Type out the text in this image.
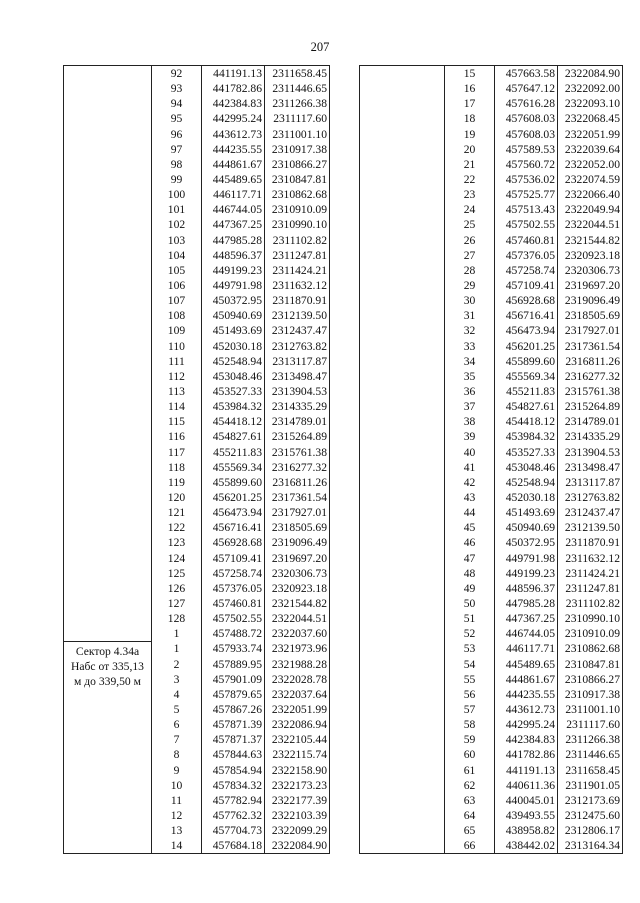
207
	92	441191.13	2311658.45
	93	441782.86	2311446.65
	94	442384.83	2311266.38
	95	442995.24	2311117.60
	96	443612.73	2311001.10
	97	444235.55	2310917.38
	98	444861.67	2310866.27
	99	445489.65	2310847.81
	100	446117.71	2310862.68
	101	446744.05	2310910.09
	102	447367.25	2310990.10
	103	447985.28	2311102.82
	104	448596.37	2311247.81
	105	449199.23	2311424.21
	106	449791.98	2311632.12
	107	450372.95	2311870.91
	108	450940.69	2312139.50
	109	451493.69	2312437.47
	110	452030.18	2312763.82
	111	452548.94	2313117.87
	112	453048.46	2313498.47
	113	453527.33	2313904.53
	114	453984.32	2314335.29
	115	454418.12	2314789.01
	116	454827.61	2315264.89
	117	455211.83	2315761.38
	118	455569.34	2316277.32
	119	455899.60	2316811.26
	120	456201.25	2317361.54
	121	456473.94	2317927.01
	122	456716.41	2318505.69
	123	456928.68	2319096.49
	124	457109.41	2319697.20
	125	457258.74	2320306.73
	126	457376.05	2320923.18
	127	457460.81	2321544.82
	128	457502.55	2322044.51
	1	457488.72	2322037.60
Сектор 4.34а Набс от 335,13 м до 339,50 м	1	457933.74	2321973.96
	2	457889.95	2321988.28
	3	457901.09	2322028.78
	4	457879.65	2322037.64
	5	457867.26	2322051.99
	6	457871.39	2322086.94
	7	457871.37	2322105.44
	8	457844.63	2322115.74
	9	457854.94	2322158.90
	10	457834.32	2322173.23
	11	457782.94	2322177.39
	12	457762.32	2322103.39
	13	457704.73	2322099.29
	14	457684.18	2322084.90
	15	457663.58	2322084.90
	16	457647.12	2322092.00
	17	457616.28	2322093.10
	18	457608.03	2322068.45
	19	457608.03	2322051.99
	20	457589.53	2322039.64
	21	457560.72	2322052.00
	22	457536.02	2322074.59
	23	457525.77	2322066.40
	24	457513.43	2322049.94
	25	457502.55	2322044.51
	26	457460.81	2321544.82
	27	457376.05	2320923.18
	28	457258.74	2320306.73
	29	457109.41	2319697.20
	30	456928.68	2319096.49
	31	456716.41	2318505.69
	32	456473.94	2317927.01
	33	456201.25	2317361.54
	34	455899.60	2316811.26
	35	455569.34	2316277.32
	36	455211.83	2315761.38
	37	454827.61	2315264.89
	38	454418.12	2314789.01
	39	453984.32	2314335.29
	40	453527.33	2313904.53
	41	453048.46	2313498.47
	42	452548.94	2313117.87
	43	452030.18	2312763.82
	44	451493.69	2312437.47
	45	450940.69	2312139.50
	46	450372.95	2311870.91
	47	449791.98	2311632.12
	48	449199.23	2311424.21
	49	448596.37	2311247.81
	50	447985.28	2311102.82
	51	447367.25	2310990.10
	52	446744.05	2310910.09
	53	446117.71	2310862.68
	54	445489.65	2310847.81
	55	444861.67	2310866.27
	56	444235.55	2310917.38
	57	443612.73	2311001.10
	58	442995.24	2311117.60
	59	442384.83	2311266.38
	60	441782.86	2311446.65
	61	441191.13	2311658.45
	62	440611.36	2311901.05
	63	440045.01	2312173.69
	64	439493.55	2312475.60
	65	438958.82	2312806.17
	66	438442.02	2313164.34
